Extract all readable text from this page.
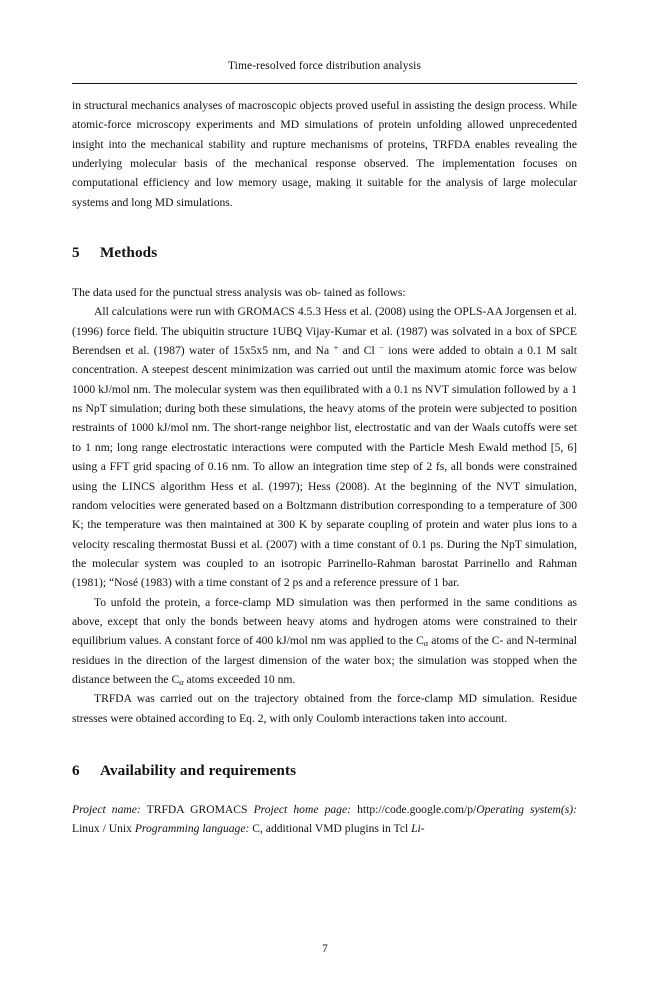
Time-resolved force distribution analysis

in structural mechanics analyses of macroscopic objects proved useful in assisting the design process. While atomic-force microscopy experiments and MD simulations of protein unfolding allowed unprecedented insight into the mechanical stability and rupture mechanisms of proteins, TRFDA enables revealing the underlying molecular basis of the mechanical response observed. The implementation focuses on computational efficiency and low memory usage, making it suitable for the analysis of large molecular systems and long MD simulations.

5 Methods

The data used for the punctual stress analysis was ob- tained as follows:

All calculations were run with GROMACS 4.5.3 Hess et al. (2008) using the OPLS-AA Jorgensen et al. (1996) force field. The ubiquitin structure 1UBQ Vijay-Kumar et al. (1987) was solvated in a box of SPCE Berendsen et al. (1987) water of 15x5x5 nm, and Na + and Cl − ions were added to obtain a 0.1 M salt concentration. A steepest descent minimization was carried out until the maximum atomic force was below 1000 kJ/mol nm. The molecular system was then equilibrated with a 0.1 ns NVT simulation followed by a 1 ns NpT simulation; during both these simulations, the heavy atoms of the protein were subjected to position restraints of 1000 kJ/mol nm. The short-range neighbor list, electrostatic and van der Waals cutoffs were set to 1 nm; long range electrostatic interactions were computed with the Particle Mesh Ewald method [5, 6] using a FFT grid spacing of 0.16 nm. To allow an integration time step of 2 fs, all bonds were constrained using the LINCS algorithm Hess et al. (1997); Hess (2008). At the beginning of the NVT simulation, random velocities were generated based on a Boltzmann distribution corresponding to a temperature of 300 K; the temperature was then maintained at 300 K by separate coupling of protein and water plus ions to a velocity rescaling thermostat Bussi et al. (2007) with a time constant of 0.1 ps. During the NpT simulation, the molecular system was coupled to an isotropic Parrinello-Rahman barostat Parrinello and Rahman (1981); “Nosé (1983) with a time constant of 2 ps and a reference pressure of 1 bar.

To unfold the protein, a force-clamp MD simulation was then performed in the same conditions as above, except that only the bonds between heavy atoms and hydrogen atoms were constrained to their equilibrium values. A constant force of 400 kJ/mol nm was applied to the $C_\alpha$ atoms of the C- and N-terminal residues in the direction of the largest dimension of the water box; the simulation was stopped when the distance between the $C_\alpha$ atoms exceeded 10 nm.

TRFDA was carried out on the trajectory obtained from the force-clamp MD simulation. Residue stresses were obtained according to Eq. 2, with only Coulomb interactions taken into account.

6 Availability and requirements

Project name: TRFDA GROMACS Project home page: http://code.google.com/p/Operating system(s): Linux / Unix Programming language: C, additional VMD plugins in Tcl Li-

7
